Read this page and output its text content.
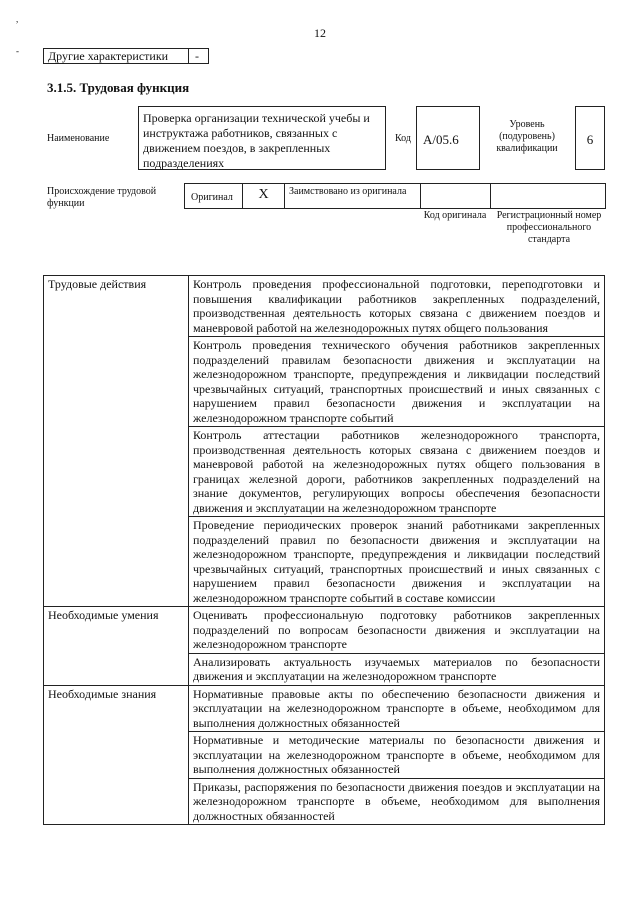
,
12
-	Другие характеристики	-
3.1.5. Трудовая функция
Наименование
Проверка организации технической учебы и инструктажа работников, связанных с движением поездов, в закрепленных подразделениях
Код А/05.6
Уровень (подуровень) квалификации
6
Происхождение трудовой функции
Оригинал	X	Заимствовано из оригинала
Код оригинала	Регистрационный номер профессионального стандарта
Трудовые действия	Контроль проведения профессиональной подготовки, переподготовки и повышения квалификации работников закрепленных подразделений, производственная деятельность которых связана с движением поездов и маневровой работой на железнодорожных путях общего пользования
	Контроль проведения технического обучения работников закрепленных подразделений правилам безопасности движения и эксплуатации на железнодорожном транспорте, предупреждения и ликвидации последствий чрезвычайных ситуаций, транспортных происшествий и иных связанных с нарушением правил безопасности движения и эксплуатации на железнодорожном транспорте событий
	Контроль аттестации работников железнодорожного транспорта, производственная деятельность которых связана с движением поездов и маневровой работой на железнодорожных путях общего пользования в границах железной дороги, работников закрепленных подразделений на знание документов, регулирующих вопросы обеспечения безопасности движения и эксплуатации на железнодорожном транспорте
	Проведение периодических проверок знаний работниками закрепленных подразделений правил по безопасности движения и эксплуатации на железнодорожном транспорте, предупреждения и ликвидации последствий чрезвычайных ситуаций, транспортных происшествий и иных связанных с нарушением правил безопасности движения и эксплуатации на железнодорожном транспорте событий в составе комиссии
Необходимые умения	Оценивать профессиональную подготовку работников закрепленных подразделений по вопросам безопасности движения и эксплуатации на железнодорожном транспорте
	Анализировать актуальность изучаемых материалов по безопасности движения и эксплуатации на железнодорожном транспорте
Необходимые знания	Нормативные правовые акты по обеспечению безопасности движения и эксплуатации на железнодорожном транспорте в объеме, необходимом для выполнения должностных обязанностей
	Нормативные и методические материалы по безопасности движения и эксплуатации на железнодорожном транспорте в объеме, необходимом для выполнения должностных обязанностей
	Приказы, распоряжения по безопасности движения поездов и эксплуатации на железнодорожном транспорте в объеме, необходимом для выполнения должностных обязанностей
